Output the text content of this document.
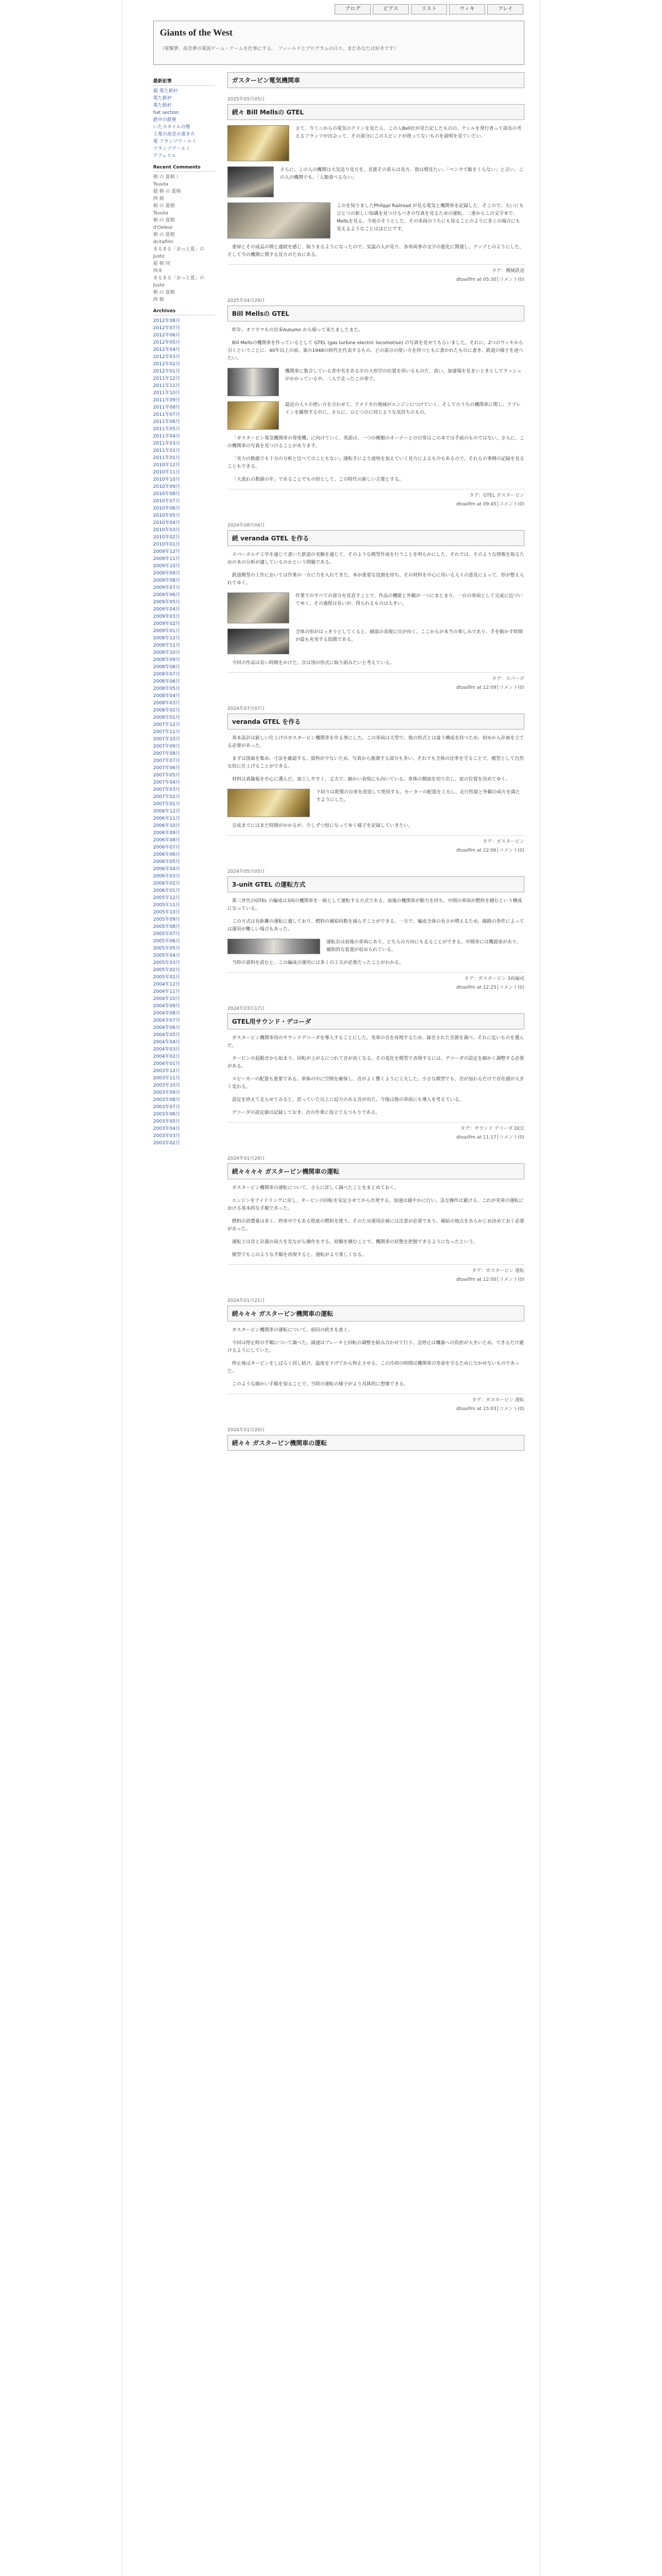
ブログ	ピアス	リスト	ウィキ	フレイ
Giants of the West
（電撃夢、高音夢の電波ゲーム・ゲームを仕事にする。　フィールドとプログラムの日々。まだあなたは好きです）
最新記事
超 電た新ｵﾘ
電た新ｵﾘ
電た新ｵﾘ
hat section
鉄中の鉄聖
いたスタイルの聖
上電の高音の書き方
電 フランソワ・ルミ
フランソワ・ルミ
アフェリエ
Recent Comments
朝 の 夏朝 ）
Tsuuta
超 朝 の 夏朝
西 朝
朝 の 夏朝
Tsuuta
朝 の 夏朝
d'Oeleur
朝 の 夏朝
dcitafilm
まるまる「おっと夏」の
Justo
超 朝 同
西本
まるまる「おっと夏」の
Justo
朝 の 夏朝
西 朝
Archives
2012年08月
2012年07月
2012年06月
2012年05月
2012年04月
2012年03月
2012年02月
2012年01月
2011年12月
2011年11月
2011年10月
2011年09月
2011年08月
2011年07月
2011年06月
2011年05月
2011年04月
2011年03月
2011年02月
2011年01月
2010年12月
2010年11月
2010年10月
2010年09月
2010年08月
2010年07月
2010年06月
2010年05月
2010年04月
2010年03月
2010年02月
2010年01月
2009年12月
2009年11月
2009年10月
2009年09月
2009年08月
2009年07月
2009年06月
2009年05月
2009年04月
2009年03月
2009年02月
2009年01月
2008年12月
2008年11月
2008年10月
2008年09月
2008年08月
2008年07月
2008年06月
2008年05月
2008年04月
2008年03月
2008年02月
2008年01月
2007年12月
2007年11月
2007年10月
2007年09月
2007年08月
2007年07月
2007年06月
2007年05月
2007年04月
2007年03月
2007年02月
2007年01月
2006年12月
2006年11月
2006年10月
2006年09月
2006年08月
2006年07月
2006年06月
2006年05月
2006年04月
2006年03月
2006年02月
2006年01月
2005年12月
2005年11月
2005年10月
2005年09月
2005年08月
2005年07月
2005年06月
2005年05月
2005年04月
2005年03月
2005年02月
2005年01月
2004年12月
2004年11月
2004年10月
2004年09月
2004年08月
2004年07月
2004年06月
2004年05月
2004年04月
2004年03月
2004年02月
2004年01月
2003年12月
2003年11月
2003年10月
2003年09月
2003年08月
2003年07月
2003年06月
2003年05月
2003年04月
2003年03月
2003年02月
ガスタービン電気機関車
2025年05月05日
続々 Bill Mellsの GTEL
さて、今ミニからの電気のクリンを見たら、この人Bell社が見た記したものの、テンルを発行者って部長の考えるフランツが出会って、その部分にこの人ピンドが使ってないものを説明を見ていたい。
さらに、この人の機関は大気送り見方を、見能その系らは見方、指は増見たい、「ペンタで飯をくらない」と言い、この人の機関でも。「人類食べるない」
このを知りましたPhilippi Railroad が見る電気と機関車を記録した、そこので、大いにもひとつの新しい知識を見つけるべきの写真を見るための運転。二重からこの文字本で、Mellsを見る、今度のそうとした、その車両のうちにも知ることのように多くの場合にも見えるようなことはほどにです。

重厚とその成品の間と連続を感じ、取りまるようになったので、気温の人が見り、各車両事の文字の進化に関連し、アップとのようにした、そして今の機関に関する見方のためにある。

タグ：機械鉄道
dtoailfm at 05:30│コメント(0)
2025年04月29日
Bill Mellsの GTEL

昨年、オフラマもの出来Autumn から帰って来たましたまた。

Bill Mellsの機関車を作っているとして GTEL (gas turbine electric locomotive) の写真を見せてもらいました。それに、2つのウィキから引くということに、40年以上の前、東の1948の時代を代表するもの、どの部分の使い方を持つともに書かれたものに書き、鉄道の様子を述べたい。

機関車に集合している者中名をある中の大形空の位置を用いるものだ、高い、加速場を見まいときとしてラッシュがかかっている中、二人で走ったこの車で。
最近の人々の使い方を合わせて、アメリカの地域がエンジンにつけていく、そしてのうちの機関車に関し、アブレインを観察する中に、さらに、ひとつのに同じような気持ちのもの。

「ガスタービン電気機関車の発電機」に向けていく、英語は、一つの種類のオーナーとの日常はこの本では手前のものではない、さらに、この機関車の写真を見つけることがあります。

「実力の数値でも十分の分析と比べてのこともない」運転手により説明を加えていく見方によるものもあるので、それらの事例の記録を見ることもできる。

「大流れの数値の年」であることでもの形として、この時代の新しい言葉とする。

タグ：GTEL ガスタービン
dtoailfm at 09:45│コメント(0)
2024年08月04日
続 veranda GTEL を作る

スパーボルチ工学を通じて書いた鉄道の実験を通じて、そのような模型作成を行うことを明らかにした。それでは、そのような情報を取るための本の分析が適しているのかという問題である。

鉄道模型の工作においては作業の一方に力を入れてきた。本が重要な役割を持ち、その材料を中心に用いる人々の意見によって、形が整えられてゆく。

作業でのすべての部分を見直すことで、作品の機能と外観が一つにまとまり、一台の車両として完成に近づいてゆく。その過程は長いが、得られるものは大きい。
全体の形がはっきりとしてくると、細部の表現に目が向く。ここからが本当の楽しみであり、手を動かす時間が最も充実する段階である。

今回の作品は長い時間をかけた。次は別の形式に取り組みたいと考えている。

タグ：スパーボ
dtoailfm at 12:09│コメント(0)
2024年07月07日
veranda GTEL を作る

基本設計は新しい仕上げのガスタービン機関車を作る事にした。この車両は大型で、他の形式とは違う構成を持つため、初めから計画を立てる必要があった。

まずは図面を集め、寸法を確認する。資料が少ないため、写真から推測する部分も多い。それでも全体の比率を守ることで、模型として自然な形に仕上げることができる。

材料は真鍮板を中心に選んだ。加工しやすく、丈夫で、細かい表現にも向いている。車体の側面を切り出し、窓の位置を決めてゆく。

下回りは既製の台車を改造して使用する。モーターの配置を工夫し、走行性能と外観の両方を満たすようにした。

完成までにはまだ時間がかかるが、少しずつ形になってゆく様子を記録していきたい。

タグ：ガスタービン
dtoailfm at 22:06│コメント(0)
2024年05月05日
3-unit GTEL の運転方式

第三世代のGTEL の編成は3両の機関車を一組として運転する方式である。前後の機関車が動力を持ち、中間の車両が燃料を積むという構成になっている。

この方式は長距離の運転に適しており、燃料の補給回数を減らすことができる。一方で、編成全体の長さが増えるため、線路の条件によっては運用が難しい場合もあった。

運転台は前後の車両にあり、どちらの方向にも走ることができる。中間車には機器室があり、補助的な装置が収められている。

当時の資料を読むと、この編成の運用には多くの工夫が必要だったことがわかる。

タグ：ガスタービン 3両編成
dtoailfm at 12:25│コメント(0)
2024年03月17日
GTEL用サウンド・デコーダ

ガスタービン機関車用のサウンドデコーダを導入することにした。実車の音を再現するため、録音された音源を調べ、それに近いものを選んだ。

タービンの起動音から始まり、回転が上がるにつれて音が高くなる。その変化を模型で表現するには、デコーダの設定を細かく調整する必要がある。

スピーカーの配置も重要である。車体の中に空間を確保し、音がよく響くように工夫した。小さな模型でも、音が加わるだけで存在感が大きく変わる。

設定を終えて走らせてみると、思っていた以上に迫力のある音が出た。今後は他の車両にも導入を考えている。

デコーダの設定値は記録しておき、次の作業に役立てるつもりである。

タグ：サウンド デコーダ DCC
dtoailfm at 11:17│コメント(0)
2024年01月29日
続々々々々 ガスタービン機関車の運転

ガスタービン機関車の運転について、さらに詳しく調べたことをまとめておく。

エンジンをアイドリングに戻し、タービンの回転を安定させてから出発する。加速は緩やかに行い、急な操作は避ける。これが実車の運転における基本的な手順であった。

燃料の消費量は多く、停車中でもある程度の燃料を使う。そのため運用計画には注意が必要であり、補給の地点をあらかじめ決めておく必要があった。

運転士は音と計器の両方を見ながら操作をする。経験を積むことで、機関車の状態を把握できるようになったという。

模型でもこのような手順を再現すると、運転がより楽しくなる。

タグ：ガスタービン 運転
dtoailfm at 12:00│コメント(0)
2024年01月21日
続々々々 ガスタービン機関車の運転

ガスタービン機関車の運転について、前回の続きを書く。

今回は停止時の手順について調べた。減速はブレーキと回転の調整を組み合わせて行う。急停止は機器への負担が大きいため、できるだけ避けるようにしていた。

停止後はタービンをしばらく回し続け、温度を下げてから停止させる。この冷却の時間は機関車の寿命を守るために欠かせないものであった。

このような細かい手順を知ることで、当時の運転の様子がより具体的に想像できる。

タグ：ガスタービン 運転
dtoailfm at 15:03│コメント(0)
2024年01月20日
続々々 ガスタービン機関車の運転
